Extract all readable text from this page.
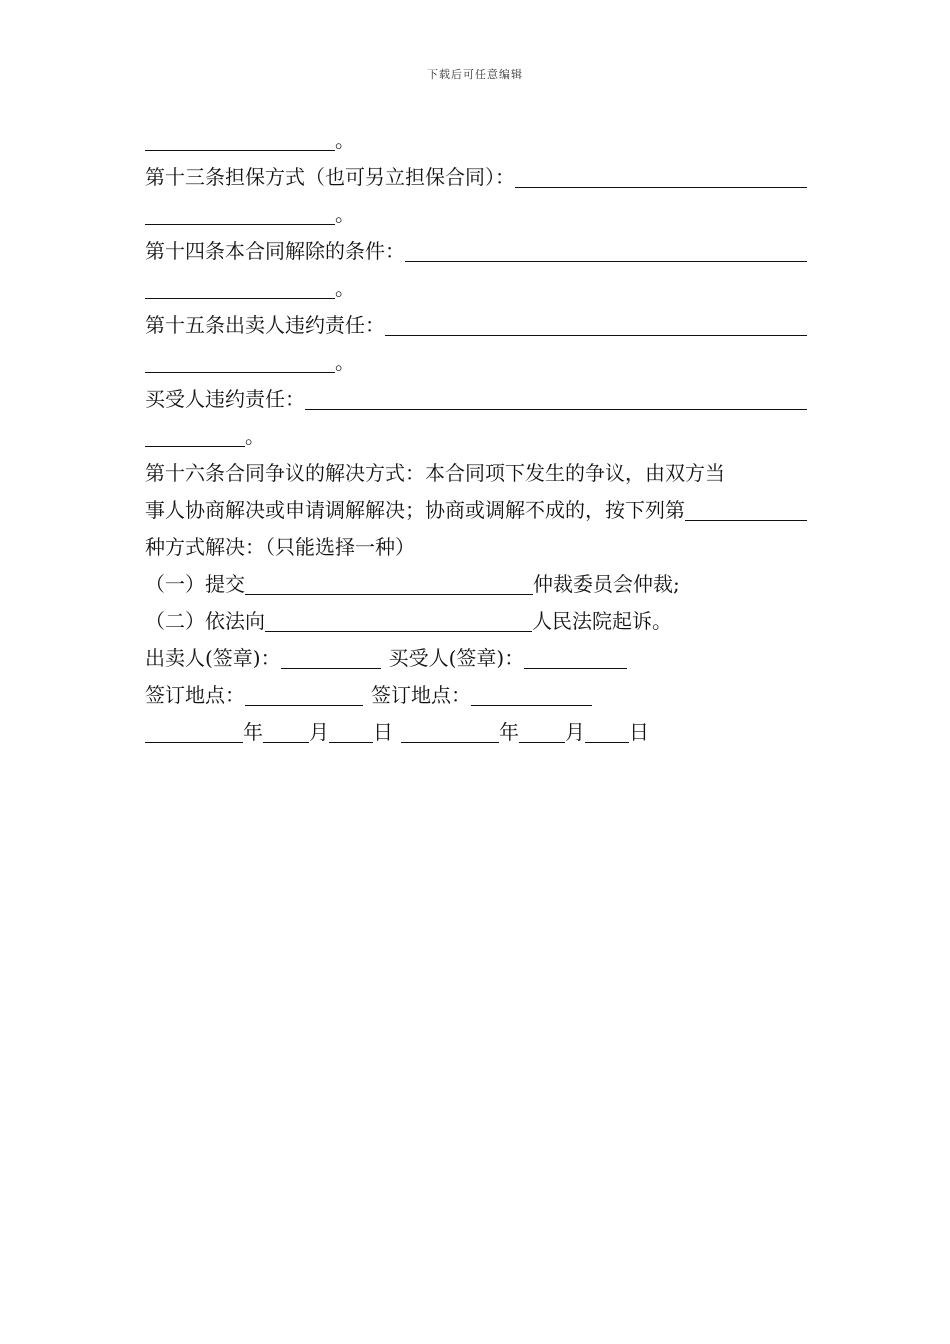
下载后可任意编辑
。
第十三条担保方式（也可另立担保合同）：
。
第十四条本合同解除的条件：
。
第十五条出卖人违约责任：
。
买受人违约责任：
。
第十六条合同争议的解决方式：本合同项下发生的争议，由双方当
事人协商解决或申请调解解决；协商或调解不成的，按下列第
种方式解决：（只能选择一种）
（一）提交	仲裁委员会仲裁;
（二）依法向	人民法院起诉。
出卖人(签章)：	买受人(签章)：
签订地点：	签订地点：
年 月 日	年 月 日
